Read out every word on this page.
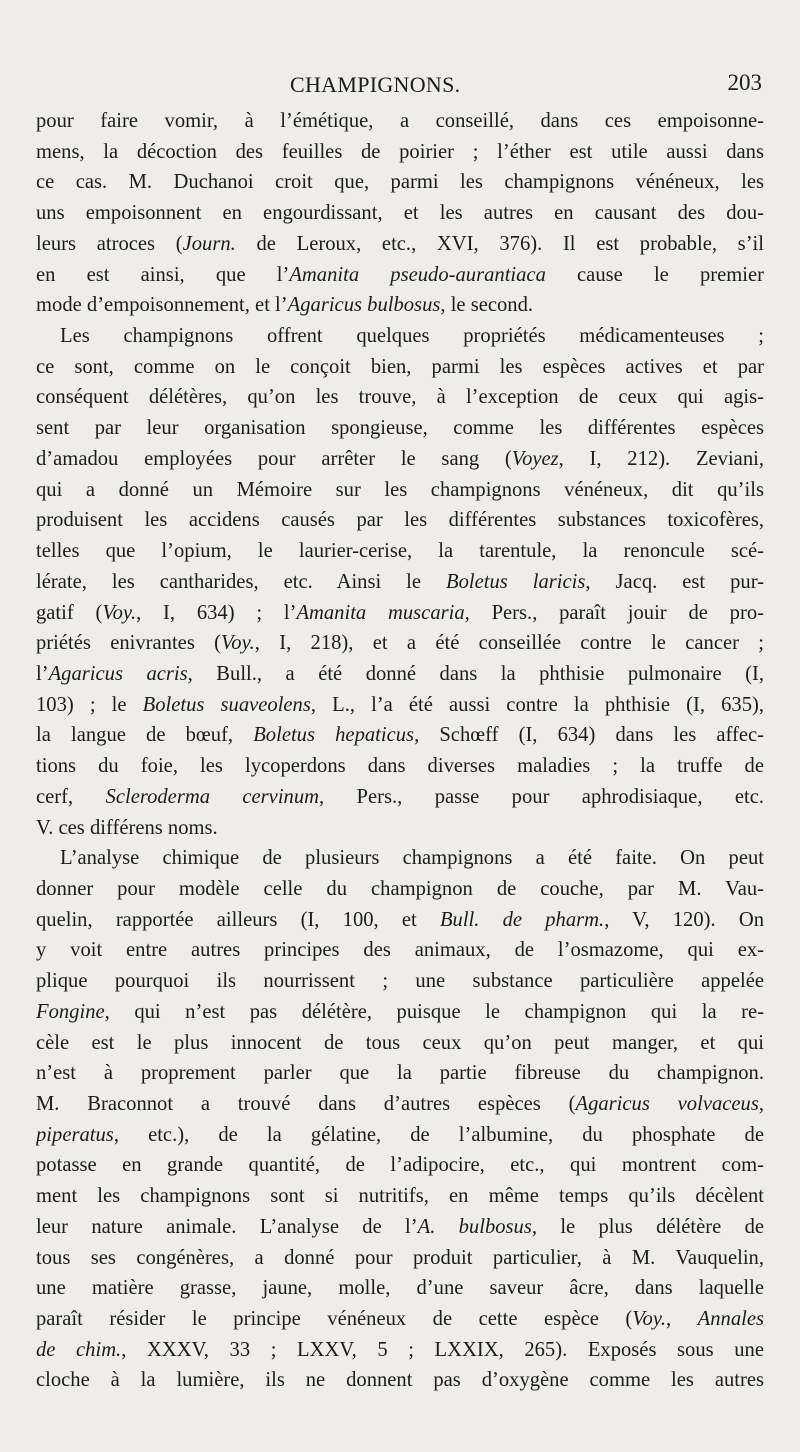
CHAMPIGNONS.	203
pour faire vomir, à l’émétique, a conseillé, dans ces empoisonne-
mens, la décoction des feuilles de poirier ; l’éther est utile aussi dans
ce cas. M. Duchanoi croit que, parmi les champignons vénéneux, les
uns empoisonnent en engourdissant, et les autres en causant des dou-
leurs atroces (Journ. de Leroux, etc., XVI, 376). Il est probable, s’il
en est ainsi, que l’Amanita pseudo-aurantiaca cause le premier
mode d’empoisonnement, et l’Agaricus bulbosus, le second.
Les champignons offrent quelques propriétés médicamenteuses ;
ce sont, comme on le conçoit bien, parmi les espèces actives et par
conséquent délétères, qu’on les trouve, à l’exception de ceux qui agis-
sent par leur organisation spongieuse, comme les différentes espèces
d’amadou employées pour arrêter le sang (Voyez, I, 212). Zeviani,
qui a donné un Mémoire sur les champignons vénéneux, dit qu’ils
produisent les accidens causés par les différentes substances toxicofères,
telles que l’opium, le laurier-cerise, la tarentule, la renoncule scé-
lérate, les cantharides, etc. Ainsi le Boletus laricis, Jacq. est pur-
gatif (Voy., I, 634) ; l’Amanita muscaria, Pers., paraît jouir de pro-
priétés enivrantes (Voy., I, 218), et a été conseillée contre le cancer ;
l’Agaricus acris, Bull., a été donné dans la phthisie pulmonaire (I,
103) ; le Boletus suaveolens, L., l’a été aussi contre la phthisie (I, 635),
la langue de bœuf, Boletus hepaticus, Schœff (I, 634) dans les affec-
tions du foie, les lycoperdons dans diverses maladies ; la truffe de
cerf, Scleroderma cervinum, Pers., passe pour aphrodisiaque, etc.
V. ces différens noms.
L’analyse chimique de plusieurs champignons a été faite. On peut
donner pour modèle celle du champignon de couche, par M. Vau-
quelin, rapportée ailleurs (I, 100, et Bull. de pharm., V, 120). On
y voit entre autres principes des animaux, de l’osmazome, qui ex-
plique pourquoi ils nourrissent ; une substance particulière appelée
Fongine, qui n’est pas délétère, puisque le champignon qui la re-
cèle est le plus innocent de tous ceux qu’on peut manger, et qui
n’est à proprement parler que la partie fibreuse du champignon.
M. Braconnot a trouvé dans d’autres espèces (Agaricus volvaceus,
piperatus, etc.), de la gélatine, de l’albumine, du phosphate de
potasse en grande quantité, de l’adipocire, etc., qui montrent com-
ment les champignons sont si nutritifs, en même temps qu’ils décèlent
leur nature animale. L’analyse de l’A. bulbosus, le plus délétère de
tous ses congénères, a donné pour produit particulier, à M. Vauquelin,
une matière grasse, jaune, molle, d’une saveur âcre, dans laquelle
paraît résider le principe vénéneux de cette espèce (Voy., Annales
de chim., XXXV, 33 ; LXXV, 5 ; LXXIX, 265). Exposés sous une
cloche à la lumière, ils ne donnent pas d’oxygène comme les autres
